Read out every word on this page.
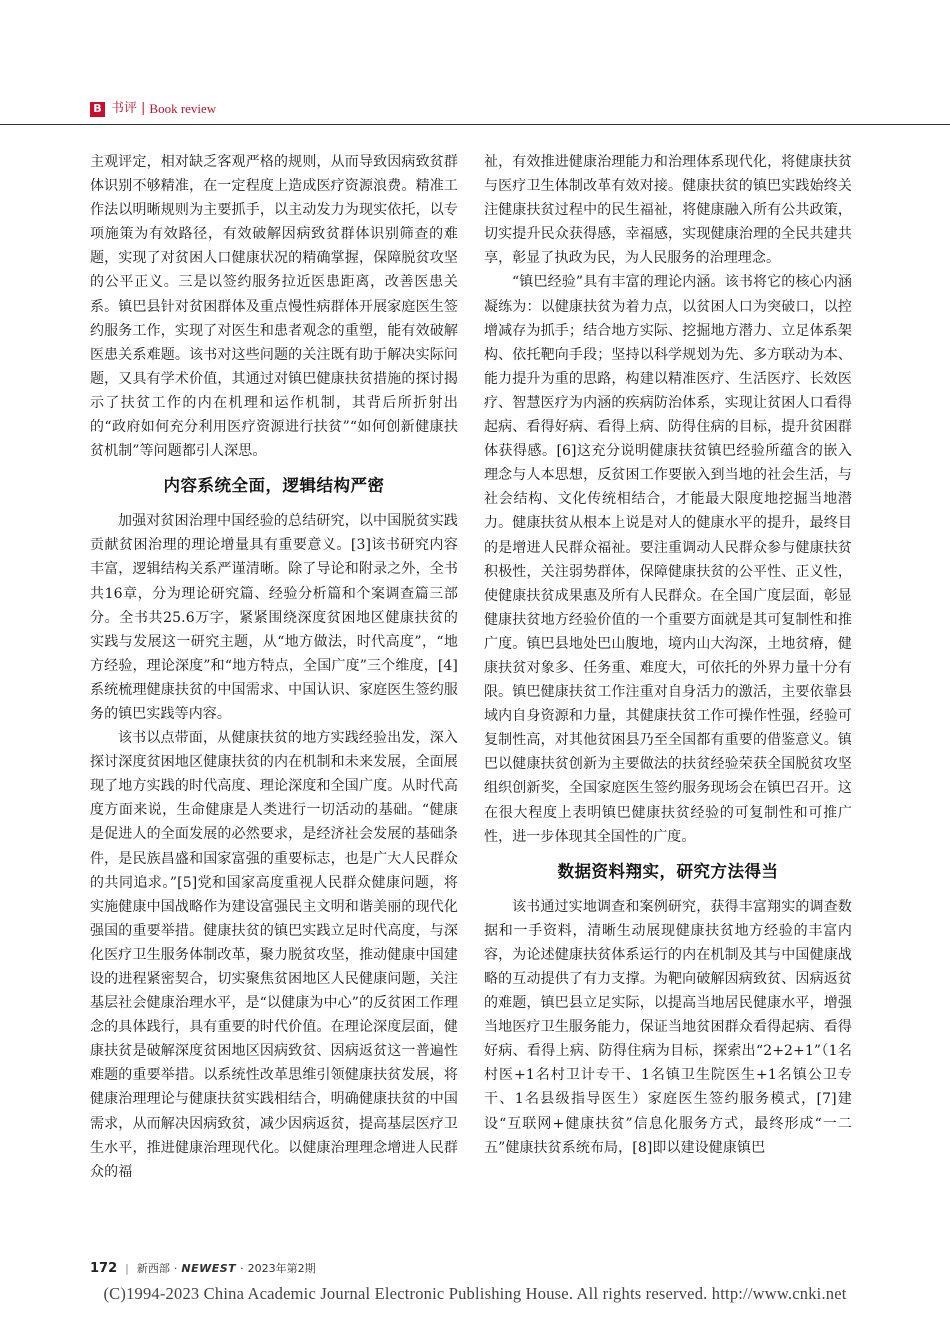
B 书评 | Book review

主观评定，相对缺乏客观严格的规则，从而导致因病致贫群体识别不够精准，在一定程度上造成医疗资源浪费。精准工作法以明晰规则为主要抓手，以主动发力为现实依托，以专项施策为有效路径，有效破解因病致贫群体识别筛查的难题，实现了对贫困人口健康状况的精确掌握，保障脱贫攻坚的公平正义。三是以签约服务拉近医患距离，改善医患关系。镇巴县针对贫困群体及重点慢性病群体开展家庭医生签约服务工作，实现了对医生和患者观念的重塑，能有效破解医患关系难题。该书对这些问题的关注既有助于解决实际问题，又具有学术价值，其通过对镇巴健康扶贫措施的探讨揭示了扶贫工作的内在机理和运作机制，其背后所折射出的“政府如何充分利用医疗资源进行扶贫”“如何创新健康扶贫机制”等问题都引人深思。

内容系统全面，逻辑结构严密

加强对贫困治理中国经验的总结研究，以中国脱贫实践贡献贫困治理的理论增量具有重要意义。[3]该书研究内容丰富，逻辑结构关系严谨清晰。除了导论和附录之外，全书共16章，分为理论研究篇、经验分析篇和个案调查篇三部分。全书共25.6万字，紧紧围绕深度贫困地区健康扶贫的实践与发展这一研究主题，从“地方做法，时代高度”，“地方经验，理论深度”和“地方特点，全国广度”三个维度，[4]系统梳理健康扶贫的中国需求、中国认识、家庭医生签约服务的镇巴实践等内容。

该书以点带面，从健康扶贫的地方实践经验出发，深入探讨深度贫困地区健康扶贫的内在机制和未来发展，全面展现了地方实践的时代高度、理论深度和全国广度。从时代高度方面来说，生命健康是人类进行一切活动的基础。“健康是促进人的全面发展的必然要求，是经济社会发展的基础条件，是民族昌盛和国家富强的重要标志，也是广大人民群众的共同追求。”[5]党和国家高度重视人民群众健康问题，将实施健康中国战略作为建设富强民主文明和谐美丽的现代化强国的重要举措。健康扶贫的镇巴实践立足时代高度，与深化医疗卫生服务体制改革，聚力脱贫攻坚，推动健康中国建设的进程紧密契合，切实聚焦贫困地区人民健康问题，关注基层社会健康治理水平，是“以健康为中心”的反贫困工作理念的具体践行，具有重要的时代价值。在理论深度层面，健康扶贫是破解深度贫困地区因病致贫、因病返贫这一普遍性难题的重要举措。以系统性改革思维引领健康扶贫发展，将健康治理理论与健康扶贫实践相结合，明确健康扶贫的中国需求，从而解决因病致贫，减少因病返贫，提高基层医疗卫生水平，推进健康治理现代化。以健康治理理念增进人民群众的福

祉，有效推进健康治理能力和治理体系现代化，将健康扶贫与医疗卫生体制改革有效对接。健康扶贫的镇巴实践始终关注健康扶贫过程中的民生福祉，将健康融入所有公共政策，切实提升民众获得感，幸福感，实现健康治理的全民共建共享，彰显了执政为民，为人民服务的治理理念。

“镇巴经验”具有丰富的理论内涵。该书将它的核心内涵凝练为：以健康扶贫为着力点，以贫困人口为突破口，以控增减存为抓手；结合地方实际、挖掘地方潜力、立足体系架构、依托靶向手段；坚持以科学规划为先、多方联动为本、能力提升为重的思路，构建以精准医疗、生活医疗、长效医疗、智慧医疗为内涵的疾病防治体系，实现让贫困人口看得起病、看得好病、看得上病、防得住病的目标，提升贫困群体获得感。[6]这充分说明健康扶贫镇巴经验所蕴含的嵌入理念与人本思想，反贫困工作要嵌入到当地的社会生活，与社会结构、文化传统相结合，才能最大限度地挖掘当地潜力。健康扶贫从根本上说是对人的健康水平的提升，最终目的是增进人民群众福祉。要注重调动人民群众参与健康扶贫积极性，关注弱势群体，保障健康扶贫的公平性、正义性，使健康扶贫成果惠及所有人民群众。在全国广度层面，彰显健康扶贫地方经验价值的一个重要方面就是其可复制性和推广度。镇巴县地处巴山腹地，境内山大沟深，土地贫瘠，健康扶贫对象多、任务重、难度大，可依托的外界力量十分有限。镇巴健康扶贫工作注重对自身活力的激活，主要依靠县域内自身资源和力量，其健康扶贫工作可操作性强，经验可复制性高，对其他贫困县乃至全国都有重要的借鉴意义。镇巴以健康扶贫创新为主要做法的扶贫经验荣获全国脱贫攻坚组织创新奖，全国家庭医生签约服务现场会在镇巴召开。这在很大程度上表明镇巴健康扶贫经验的可复制性和可推广性，进一步体现其全国性的广度。

数据资料翔实，研究方法得当

该书通过实地调查和案例研究，获得丰富翔实的调查数据和一手资料，清晰生动展现健康扶贫地方经验的丰富内容，为论述健康扶贫体系运行的内在机制及其与中国健康战略的互动提供了有力支撑。为靶向破解因病致贫、因病返贫的难题，镇巴县立足实际，以提高当地居民健康水平，增强当地医疗卫生服务能力，保证当地贫困群众看得起病、看得好病、看得上病、防得住病为目标，探索出“2+2+1”（1名村医+1名村卫计专干、1名镇卫生院医生+1名镇公卫专干、1名县级指导医生）家庭医生签约服务模式，[7]建设“互联网+健康扶贫”信息化服务方式，最终形成“一二五”健康扶贫系统布局，[8]即以建设健康镇巴

172 | 新西部 · NEWEST · 2023年第2期
(C)1994-2023 China Academic Journal Electronic Publishing House. All rights reserved. http://www.cnki.net
